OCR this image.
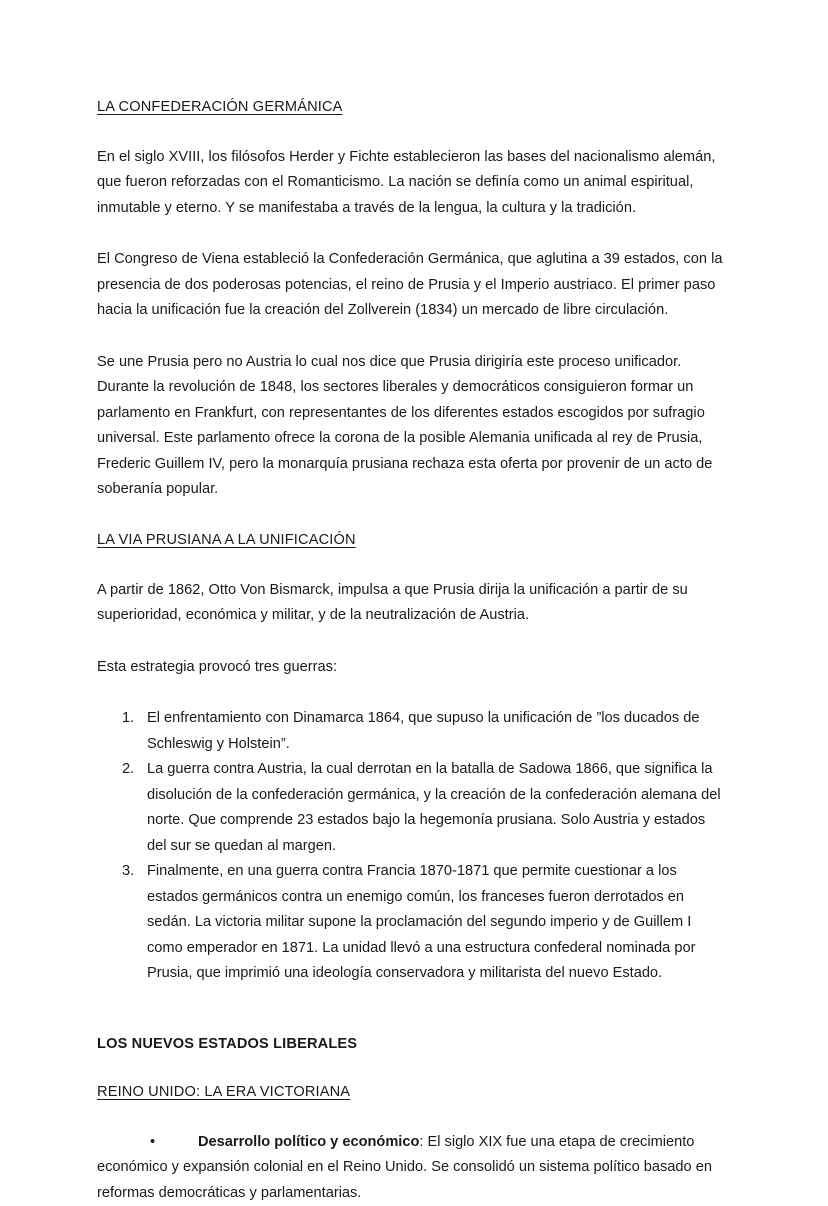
LA CONFEDERACIÓN GERMÁNICA

En el siglo XVIII, los filósofos Herder y Fichte establecieron las bases del nacionalismo alemán, que fueron reforzadas con el Romanticismo. La nación se definía como un animal espiritual, inmutable y eterno. Y se manifestaba a través de la lengua, la cultura y la tradición.

El Congreso de Viena estableció la Confederación Germánica, que aglutina a 39 estados, con la presencia de dos poderosas potencias, el reino de Prusia y el Imperio austriaco. El primer paso hacia la unificación fue la creación del Zollverein (1834) un mercado de libre circulación.

Se une Prusia pero no Austria lo cual nos dice que Prusia dirigiría este proceso unificador. Durante la revolución de 1848, los sectores liberales y democráticos consiguieron formar un parlamento en Frankfurt, con representantes de los diferentes estados escogidos por sufragio universal. Este parlamento ofrece la corona de la posible Alemania unificada al rey de Prusia, Frederic Guillem IV, pero la monarquía prusiana rechaza esta oferta por provenir de un acto de soberanía popular.

LA VIA PRUSIANA A LA UNIFICACIÓN

A partir de 1862, Otto Von Bismarck, impulsa a que Prusia dirija la unificación a partir de su superioridad, económica y militar, y de la neutralización de Austria.

Esta estrategia provocó tres guerras:

El enfrentamiento con Dinamarca 1864, que supuso la unificación de ”los ducados de Schleswig y Holstein”.
La guerra contra Austria, la cual derrotan en la batalla de Sadowa 1866, que significa la disolución de la confederación germánica, y la creación de la confederación alemana del norte. Que comprende 23 estados bajo la hegemonía prusiana. Solo Austria y estados del sur se quedan al margen.
Finalmente, en una guerra contra Francia 1870-1871 que permite cuestionar a los estados germánicos contra un enemigo común, los franceses fueron derrotados en sedán. La victoria militar supone la proclamación del segundo imperio y de Guillem I como emperador en 1871. La unidad llevó a una estructura confederal nominada por Prusia, que imprimió una ideología conservadora y militarista del nuevo Estado.
LOS NUEVOS ESTADOS LIBERALES
REINO UNIDO: LA ERA VICTORIANA

•	Desarrollo político y económico: El siglo XIX fue una etapa de crecimiento económico y expansión colonial en el Reino Unido. Se consolidó un sistema político basado en reformas democráticas y parlamentarias.
